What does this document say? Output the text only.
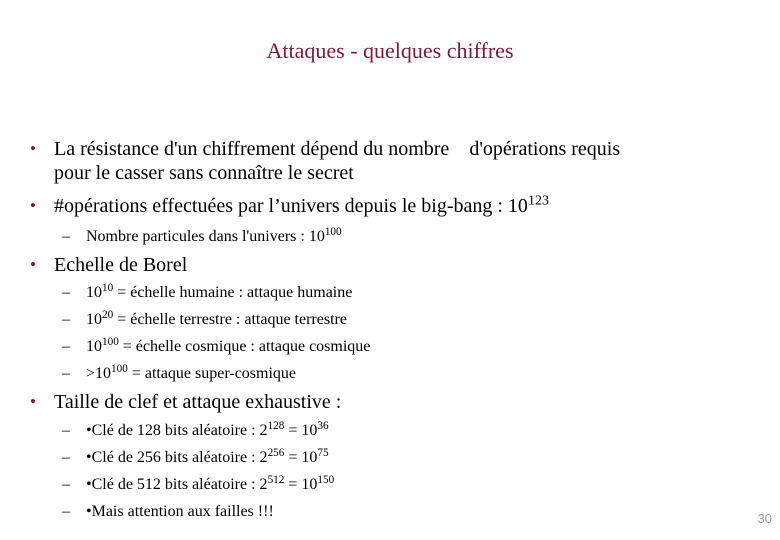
Attaques - quelques chiffres
• La résistance d'un chiffrement dépend du nombre d'opérations requis
pour le casser sans connaître le secret
• #opérations effectuées par l’univers depuis le big-bang : $10^{123}$
– Nombre particules dans l'univers : $10^{100}$
• Echelle de Borel
– $10^{10}$ = échelle humaine : attaque humaine
– $10^{20}$ = échelle terrestre : attaque terrestre
– $10^{100}$ = échelle cosmique : attaque cosmique
– $>10^{100}$ = attaque super-cosmique
• Taille de clef et attaque exhaustive :
– •Clé de 128 bits aléatoire : $2^{128} = 10^{36}$
– •Clé de 256 bits aléatoire : $2^{256} = 10^{75}$
– •Clé de 512 bits aléatoire : $2^{512} = 10^{150}$
– •Mais attention aux failles !!!	30
